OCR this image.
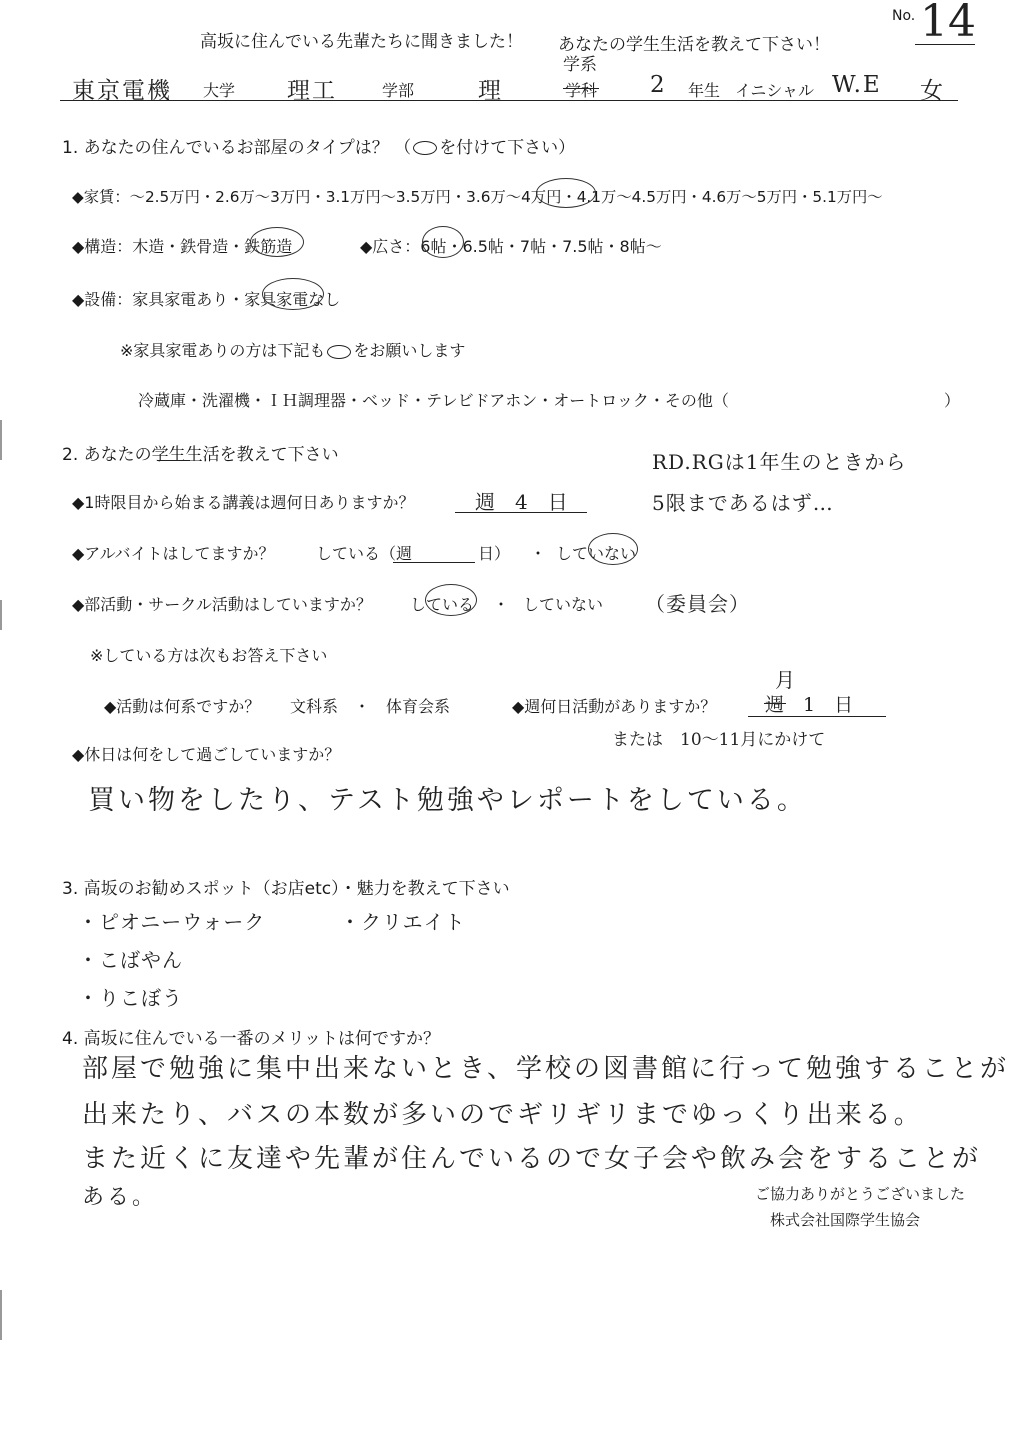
No. 14
高坂に住んでいる先輩たちに聞きました！ あなたの学生生活を教えて下さい！
東京電機 大学 理工	学部	理
学系
学科 2 年生 イニシャル W.E 女
1. あなたの住んでいるお部屋のタイプは？ （ を付けて下さい）
◆家賃：～2.5万円・2.6万～3万円・3.1万円～3.5万円・3.6万～4万円・4.1万～4.5万円・4.6万～5万円・5.1万円～
◆構造：木造・鉄骨造・鉄筋造	◆広さ：6帖・6.5帖・7帖・7.5帖・8帖～
◆設備：家具家電あり・家具家電なし
※家具家電ありの方は下記も をお願いします
冷蔵庫・洗濯機・ＩＨ調理器・ベッド・テレビドアホン・オートロック・その他（	）
2. あなたの学生生活を教えて下さい	RD.RGは1年生のときから
5限まであるはず…
◆1時限目から始まる講義は週何日ありますか？	週　4　日
◆アルバイトはしてますか？	している（週	日） ・ していない
◆部活動・サークル活動はしていますか？ している ・ していない （委員会）
※している方は次もお答え下さい
◆活動は何系ですか？ 文科系　・　体育会系	◆週何日活動がありますか？
月
週　1　日
または　10～11月にかけて
◆休日は何をして過ごしていますか？
買い物をしたり、テスト勉強やレポートをしている。
3. 高坂のお勧めスポット（お店etc）・魅力を教えて下さい
・ピオニーウォーク	・クリエイト
・こばやん
・りこぼう
4. 高坂に住んでいる一番のメリットは何ですか？
部屋で勉強に集中出来ないとき、学校の図書館に行って勉強することが
出来たり、バスの本数が多いのでギリギリまでゆっくり出来る。
また近くに友達や先輩が住んでいるので女子会や飲み会をすることが
ある。	ご協力ありがとうございました
株式会社国際学生協会
